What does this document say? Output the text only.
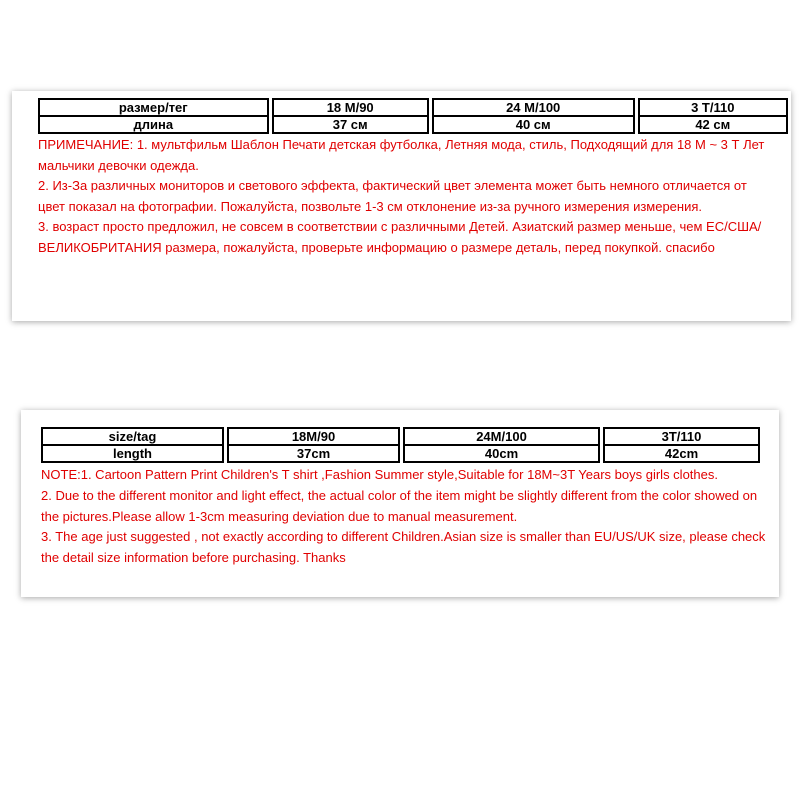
размер/тег	18 M/90	24 M/100	3 T/110
длина	37 см	40 см	42 см

ПРИМЕЧАНИЕ: 1. мультфильм Шаблон Печати детская футболка, Летняя мода, стиль, Подходящий для 18 М ~ 3 Т Лет мальчики девочки одежда.

2. Из-За различных мониторов и светового эффекта, фактический цвет элемента может быть немного отличается от цвет показал на фотографии. Пожалуйста, позвольте 1-3 см отклонение из-за ручного измерения измерения.

3. возраст просто предложил, не совсем в соответствии с различными Детей. Азиатский размер меньше, чем ЕС/США/ВЕЛИКОБРИТАНИЯ размера, пожалуйста, проверьте информацию о размере деталь, перед покупкой. спасибо

size/tag	18M/90	24M/100	3T/110
length	37cm	40cm	42cm

NOTE:1. Cartoon Pattern Print Children's T shirt ,Fashion Summer style,Suitable for 18M~3T Years boys girls clothes.

2. Due to the different monitor and light effect, the actual color of the item might be slightly different from the color showed on the pictures.Please allow 1-3cm measuring deviation due to manual measurement.

3. The age just suggested , not exactly according to different Children.Asian size is smaller than EU/US/UK size, please check the detail size information before purchasing. Thanks
